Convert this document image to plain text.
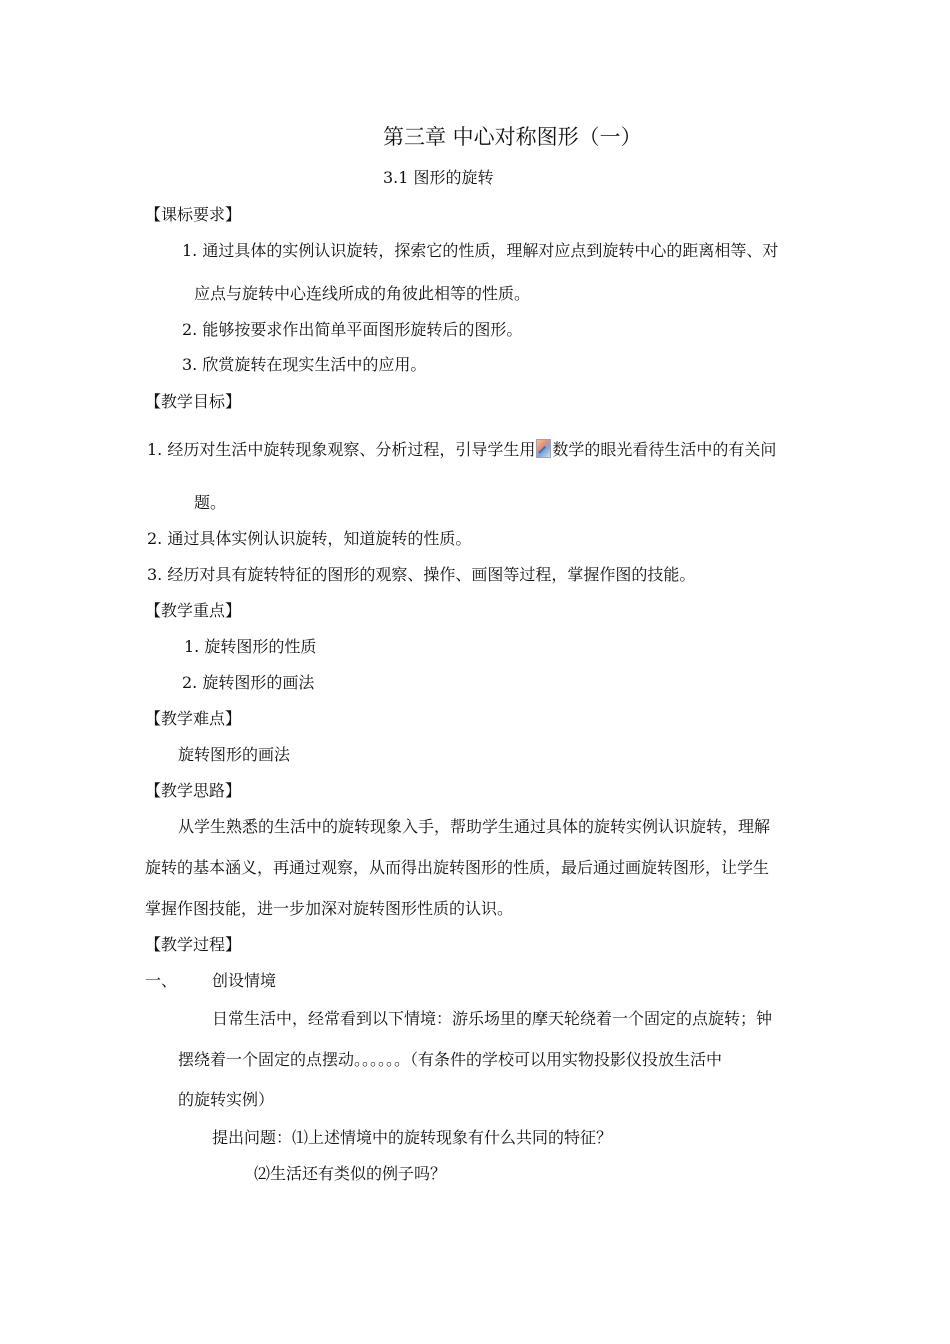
第三章 中心对称图形（一）
3.1 图形的旋转
【课标要求】
1. 通过具体的实例认识旋转，探索它的性质，理解对应点到旋转中心的距离相等、对
应点与旋转中心连线所成的角彼此相等的性质。
2. 能够按要求作出简单平面图形旋转后的图形。
3. 欣赏旋转在现实生活中的应用。
【教学目标】
1. 经历对生活中旋转现象观察、分析过程，引导学生用 数学的眼光看待生活中的有关问
题。
2. 通过具体实例认识旋转，知道旋转的性质。
3. 经历对具有旋转特征的图形的观察、操作、画图等过程，掌握作图的技能。
【教学重点】
1. 旋转图形的性质
2. 旋转图形的画法
【教学难点】
旋转图形的画法
【教学思路】
从学生熟悉的生活中的旋转现象入手，帮助学生通过具体的旋转实例认识旋转，理解
旋转的基本涵义，再通过观察，从而得出旋转图形的性质，最后通过画旋转图形，让学生
掌握作图技能，进一步加深对旋转图形性质的认识。
【教学过程】
一、 创设情境
日常生活中，经常看到以下情境：游乐场里的摩天轮绕着一个固定的点旋转；钟
摆绕着一个固定的点摆动。。。。。。（有条件的学校可以用实物投影仪投放生活中
的旋转实例）
提出问题：⑴上述情境中的旋转现象有什么共同的特征？
⑵生活还有类似的例子吗？
